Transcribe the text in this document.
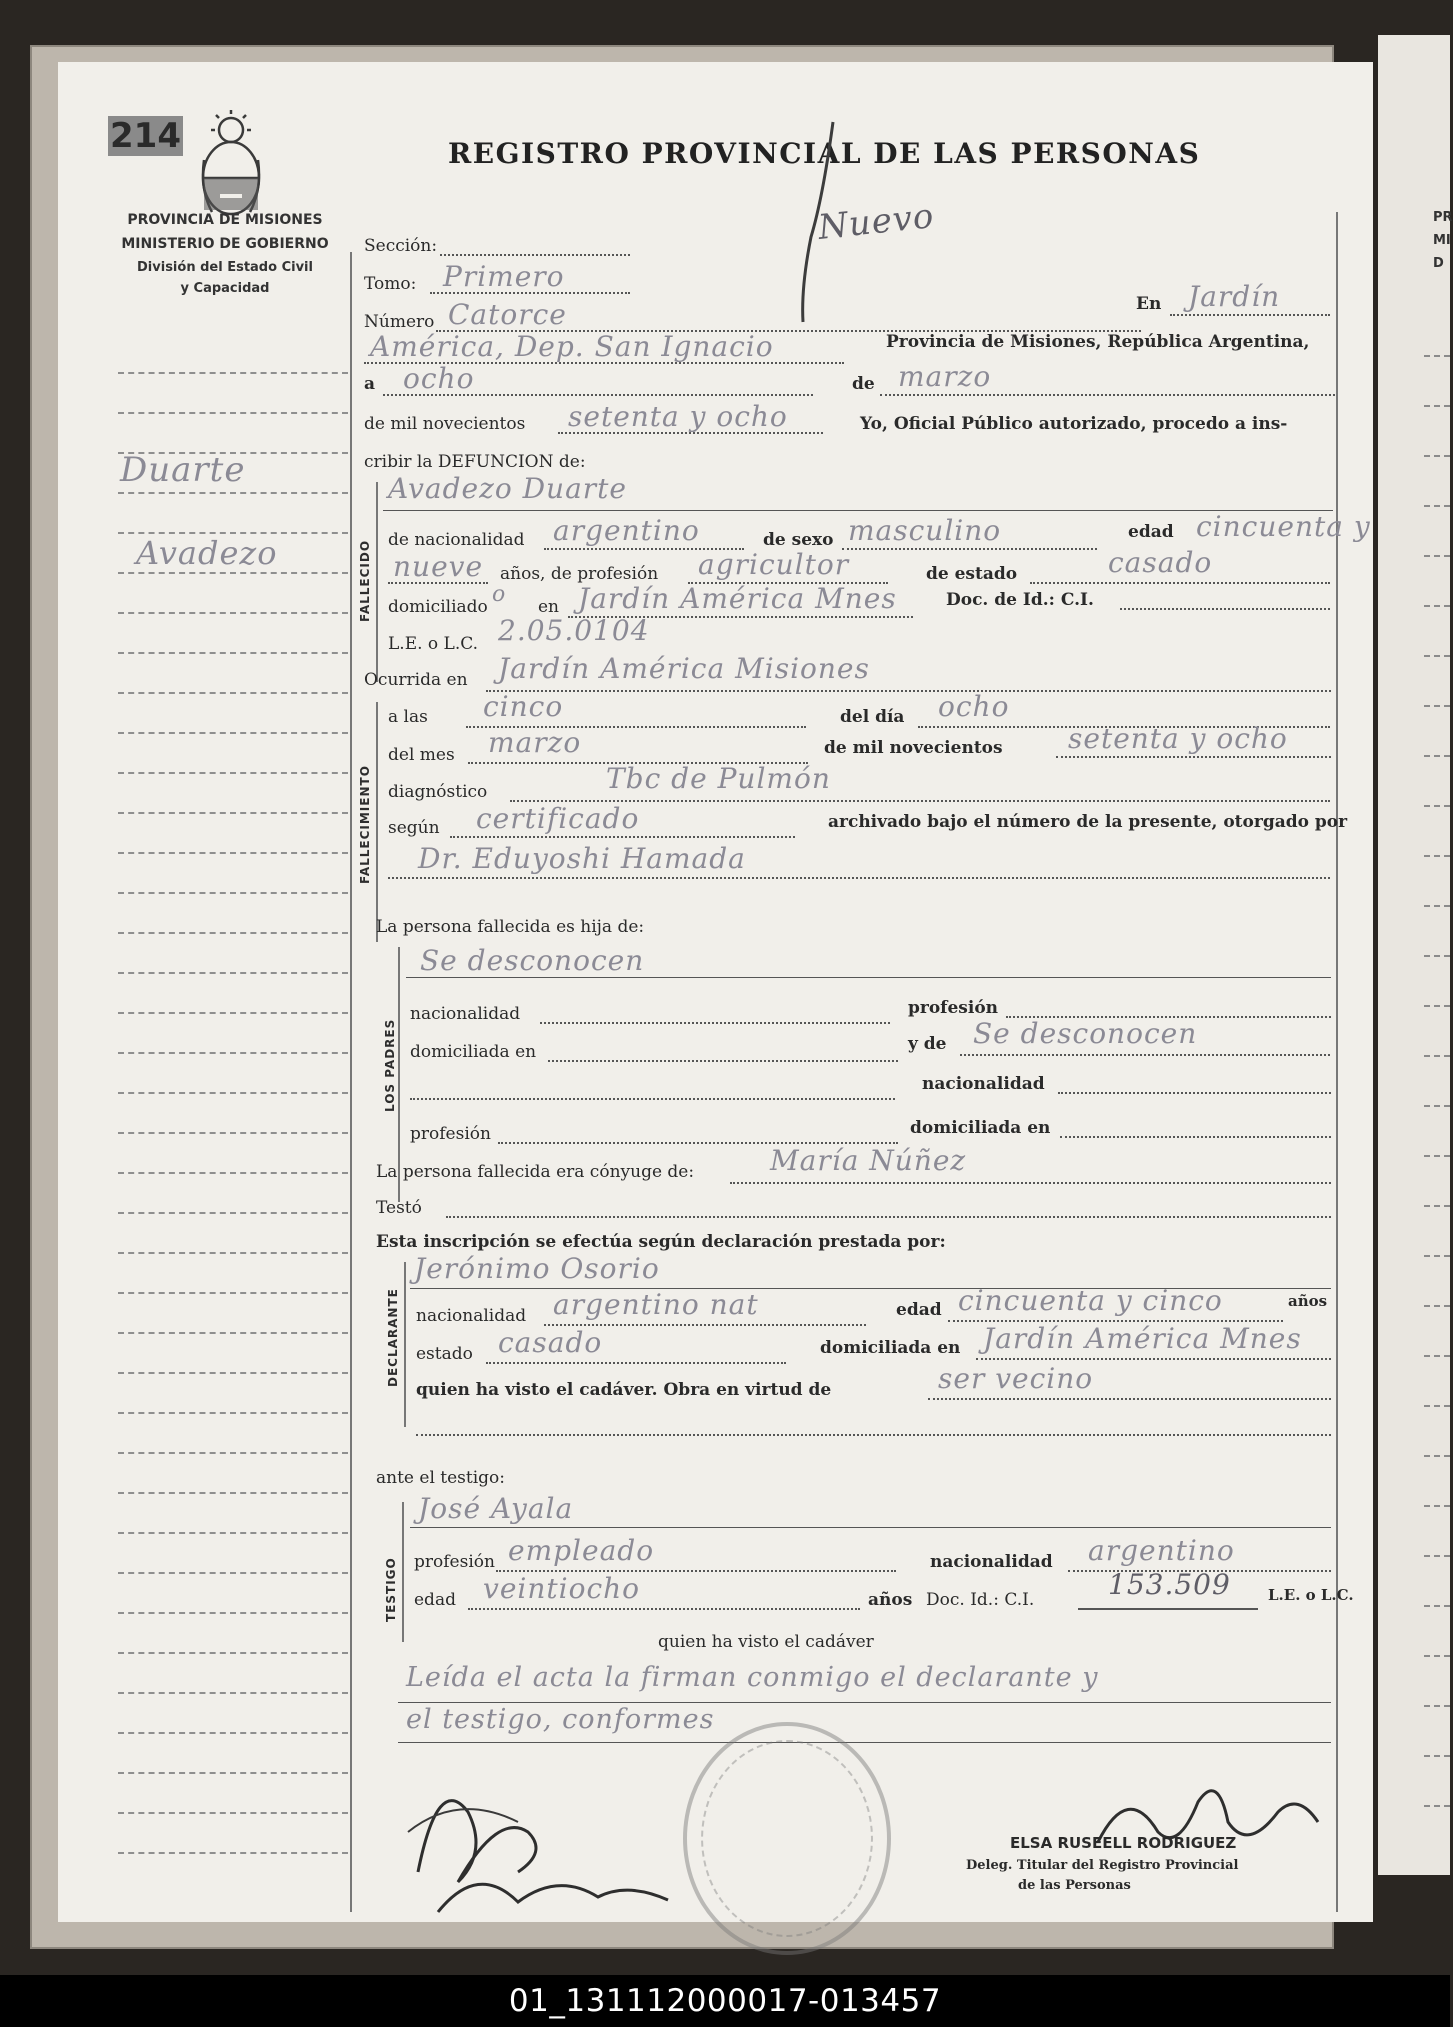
PR
MI
D
214
PROVINCIA DE MISIONES
MINISTERIO DE GOBIERNO
División del Estado Civil
y Capacidad
REGISTRO PROVINCIAL DE LAS PERSONAS
Nuevo
Duarte
Avadezo
Sección:
Tomo: Primero
Número Catorce	En Jardín
América, Dep. San Ignacio	Provincia de Misiones, República Argentina,
a ocho	de marzo
de mil novecientos setenta y ocho	Yo, Oficial Público autorizado, procedo a ins-
cribir la DEFUNCION de:
FALLECIDO
Avadezo Duarte
de nacionalidad argentino	de sexo masculino	edad cincuenta y
nueve años, de profesión agricultor	de estado	casado
domiciliado o en Jardín América Mnes	Doc. de Id.: C.I.
L.E. o L.C. 2.05.0104
Ocurrida en Jardín América Misiones
FALLECIMIENTO
a las cinco	del día ocho
del mes marzo	de mil novecientos setenta y ocho
diagnóstico	Tbc de Pulmón
según certificado	archivado bajo el número de la presente, otorgado por
Dr. Eduyoshi Hamada
La persona fallecida es hija de:
LOS PADRES
Se desconocen
nacionalidad	profesión
domiciliada en	y de Se desconocen
nacionalidad
profesión	domiciliada en
La persona fallecida era cónyuge de:	María Núñez
Testó
Esta inscripción se efectúa según declaración prestada por:
DECLARANTE
Jerónimo Osorio
nacionalidad argentino nat	edad cincuenta y cinco	años
estado casado	domiciliada en Jardín América Mnes
quien ha visto el cadáver. Obra en virtud de	ser vecino
ante el testigo:
TESTIGO
José Ayala
profesión empleado	nacionalidad argentino
edad veintiocho	años Doc. Id.: C.I.	153.509 L.E. o L.C.
quien ha visto el cadáver
Leída el acta la firman conmigo el declarante y
el testigo, conformes
ELSA RUSEELL RODRIGUEZ
Deleg. Titular del Registro Provincial
de las Personas
01_131112000017-013457
